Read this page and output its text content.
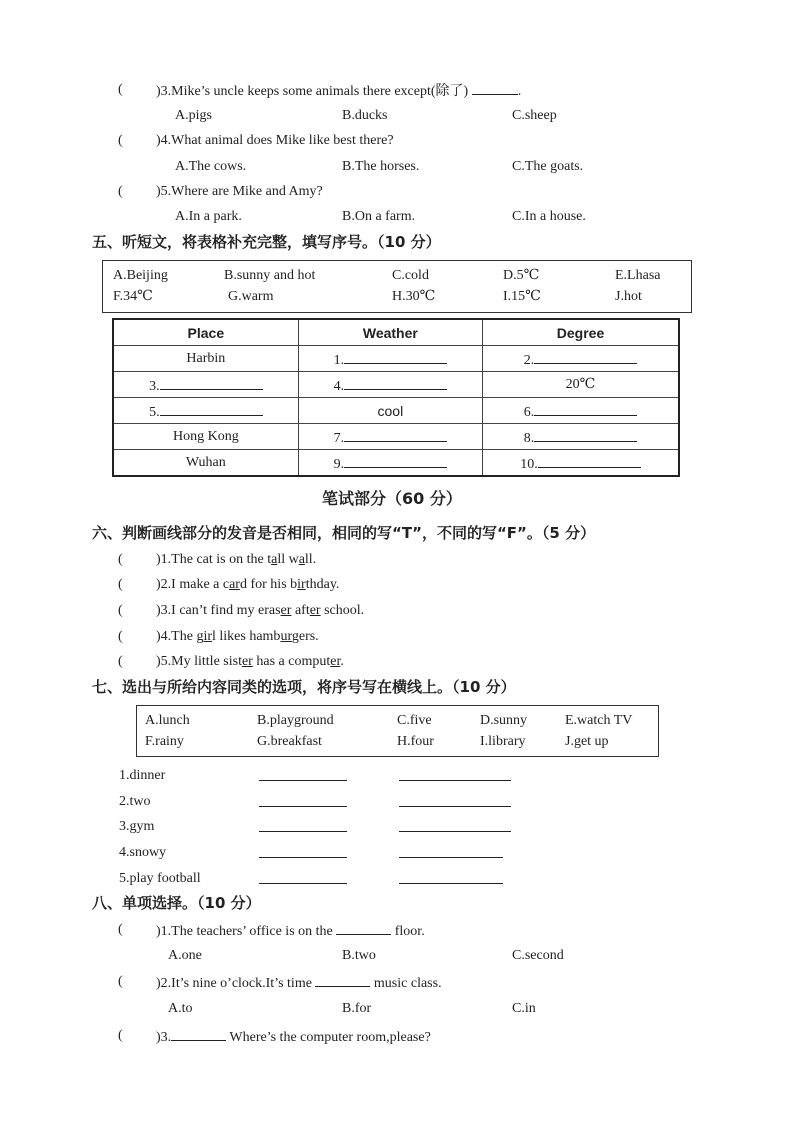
( )3.Mike’s uncle keeps some animals there except(除了)	.
A.pigs	B.ducks	C.sheep
( )4.What animal does Mike like best there?
A.The cows.	B.The horses.	C.The goats.
( )5.Where are Mike and Amy?
A.In a park.	B.On a farm.	C.In a house.
五、听短文，将表格补充完整，填写序号。（10 分）
A.Beijing	B.sunny and hot	C.cold	D.5℃	E.Lhasa
F.34℃	G.warm	H.30℃	I.15℃	J.hot
Place	Weather	Degree
Harbin	1.	2.
3.	4.	20℃
5.	cool	6.
Hong Kong	7.	8.
Wuhan	9.	10.
笔试部分（60 分）
六、判断画线部分的发音是否相同，相同的写“T”，不同的写“F”。（5 分）
( )1.The cat is on the tall wall.
( )2.I make a card for his birthday.
( )3.I can’t find my eraser after school.
( )4.The girl likes hamburgers.
( )5.My little sister has a computer.
七、选出与所给内容同类的选项，将序号写在横线上。（10 分）
A.lunch	B.playground	C.five	D.sunny	E.watch TV
F.rainy	G.breakfast	H.four	I.library	J.get up
1.dinner
2.two
3.gym
4.snowy
5.play football
八、单项选择。（10 分）
( )1.The teachers’ office is on the	floor.
A.one	B.two	C.second
( )2.It’s nine o’clock.It’s time	music class.
A.to	B.for	C.in
( )3.	Where’s the computer room,please?
